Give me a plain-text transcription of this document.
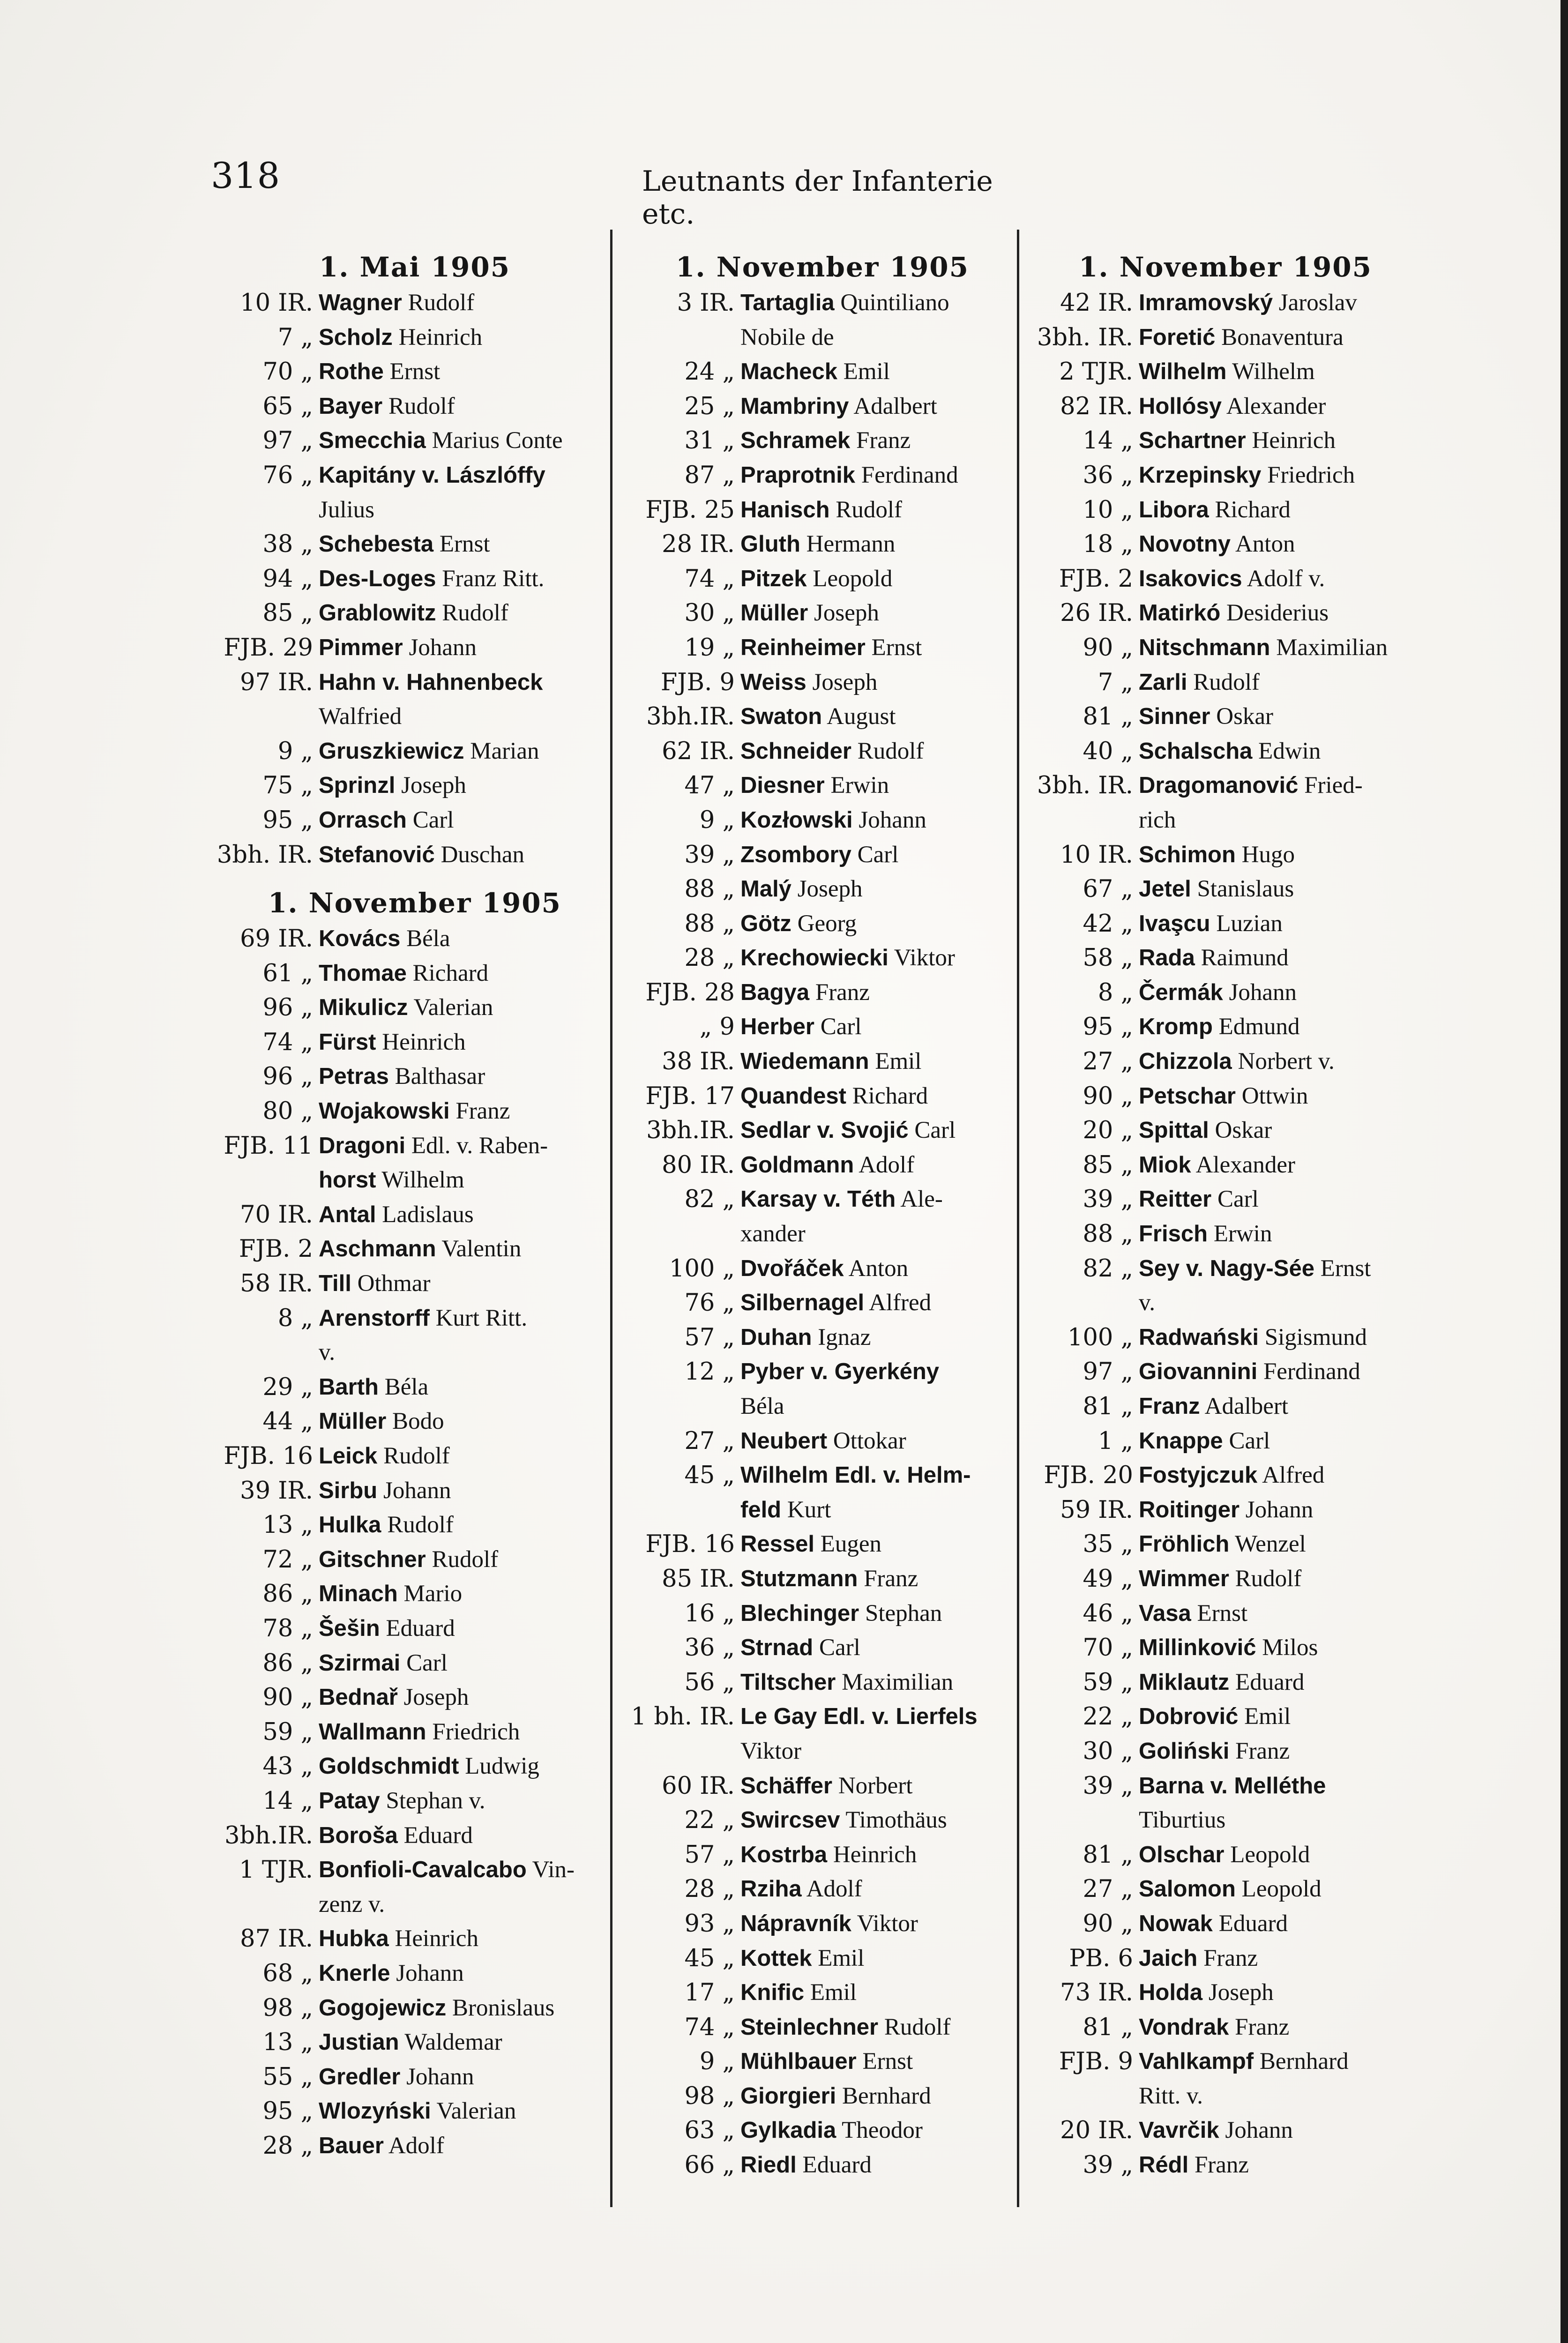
318	Leutnants der Infanterie etc.
1. Mai 1905
10 IR. Wagner Rudolf
7 „ Scholz Heinrich
70 „ Rothe Ernst
65 „ Bayer Rudolf
97 „ Smecchia Marius Conte
76 „ Kapitány v. Lászlóffy
Julius
38 „ Schebesta Ernst
94 „ Des-Loges Franz Ritt.
85 „ Grablowitz Rudolf
FJB. 29 Pimmer Johann
97 IR. Hahn v. Hahnenbeck
Walfried
9 „ Gruszkiewicz Marian
75 „ Sprinzl Joseph
95 „ Orrasch Carl
3bh. IR. Stefanović Duschan
1. November 1905
69 IR. Kovács Béla
61 „ Thomae Richard
96 „ Mikulicz Valerian
74 „ Fürst Heinrich
96 „ Petras Balthasar
80 „ Wojakowski Franz
FJB. 11 Dragoni Edl. v. Raben-
horst Wilhelm
70 IR. Antal Ladislaus
FJB. 2 Aschmann Valentin
58 IR. Till Othmar
8 „ Arenstorff Kurt Ritt.
v.
29 „ Barth Béla
44 „ Müller Bodo
FJB. 16 Leick Rudolf
39 IR. Sirbu Johann
13 „ Hulka Rudolf
72 „ Gitschner Rudolf
86 „ Minach Mario
78 „ Šešin Eduard
86 „ Szirmai Carl
90 „ Bednař Joseph
59 „ Wallmann Friedrich
43 „ Goldschmidt Ludwig
14 „ Patay Stephan v.
3bh.IR. Boroša Eduard
1 TJR. Bonfioli-Cavalcabo Vin-
zenz v.
87 IR. Hubka Heinrich
68 „ Knerle Johann
98 „ Gogojewicz Bronislaus
13 „ Justian Waldemar
55 „ Gredler Johann
95 „ Wlozyński Valerian
28 „ Bauer Adolf
1. November 1905
3 IR. Tartaglia Quintiliano
Nobile de
24 „ Macheck Emil
25 „ Mambriny Adalbert
31 „ Schramek Franz
87 „ Praprotnik Ferdinand
FJB. 25 Hanisch Rudolf
28 IR. Gluth Hermann
74 „ Pitzek Leopold
30 „ Müller Joseph
19 „ Reinheimer Ernst
FJB. 9 Weiss Joseph
3bh.IR. Swaton August
62 IR. Schneider Rudolf
47 „ Diesner Erwin
9 „ Kozłowski Johann
39 „ Zsombory Carl
88 „ Malý Joseph
88 „ Götz Georg
28 „ Krechowiecki Viktor
FJB. 28 Bagya Franz
„ 9 Herber Carl
38 IR. Wiedemann Emil
FJB. 17 Quandest Richard
3bh.IR. Sedlar v. Svojić Carl
80 IR. Goldmann Adolf
82 „ Karsay v. Téth Ale-
xander
100 „ Dvořáček Anton
76 „ Silbernagel Alfred
57 „ Duhan Ignaz
12 „ Pyber v. Gyerkény
Béla
27 „ Neubert Ottokar
45 „ Wilhelm Edl. v. Helm-
feld Kurt
FJB. 16 Ressel Eugen
85 IR. Stutzmann Franz
16 „ Blechinger Stephan
36 „ Strnad Carl
56 „ Tiltscher Maximilian
1 bh. IR. Le Gay Edl. v. Lierfels
Viktor
60 IR. Schäffer Norbert
22 „ Swircsev Timothäus
57 „ Kostrba Heinrich
28 „ Rziha Adolf
93 „ Nápravník Viktor
45 „ Kottek Emil
17 „ Knific Emil
74 „ Steinlechner Rudolf
9 „ Mühlbauer Ernst
98 „ Giorgieri Bernhard
63 „ Gylkadia Theodor
66 „ Riedl Eduard
1. November 1905
42 IR. Imramovský Jaroslav
3bh. IR. Foretić Bonaventura
2 TJR. Wilhelm Wilhelm
82 IR. Hollósy Alexander
14 „ Schartner Heinrich
36 „ Krzepinsky Friedrich
10 „ Libora Richard
18 „ Novotny Anton
FJB. 2 Isakovics Adolf v.
26 IR. Matirkó Desiderius
90 „ Nitschmann Maximilian
7 „ Zarli Rudolf
81 „ Sinner Oskar
40 „ Schalscha Edwin
3bh. IR. Dragomanović Fried-
rich
10 IR. Schimon Hugo
67 „ Jetel Stanislaus
42 „ Ivaşcu Luzian
58 „ Rada Raimund
8 „ Čermák Johann
95 „ Kromp Edmund
27 „ Chizzola Norbert v.
90 „ Petschar Ottwin
20 „ Spittal Oskar
85 „ Miok Alexander
39 „ Reitter Carl
88 „ Frisch Erwin
82 „ Sey v. Nagy-Sée Ernst
v.
100 „ Radwański Sigismund
97 „ Giovannini Ferdinand
81 „ Franz Adalbert
1 „ Knappe Carl
FJB. 20 Fostyjczuk Alfred
59 IR. Roitinger Johann
35 „ Fröhlich Wenzel
49 „ Wimmer Rudolf
46 „ Vasa Ernst
70 „ Millinković Milos
59 „ Miklautz Eduard
22 „ Dobrović Emil
30 „ Goliński Franz
39 „ Barna v. Melléthe
Tiburtius
81 „ Olschar Leopold
27 „ Salomon Leopold
90 „ Nowak Eduard
PB. 6 Jaich Franz
73 IR. Holda Joseph
81 „ Vondrak Franz
FJB. 9 Vahlkampf Bernhard
Ritt. v.
20 IR. Vavrčik Johann
39 „ Rédl Franz
